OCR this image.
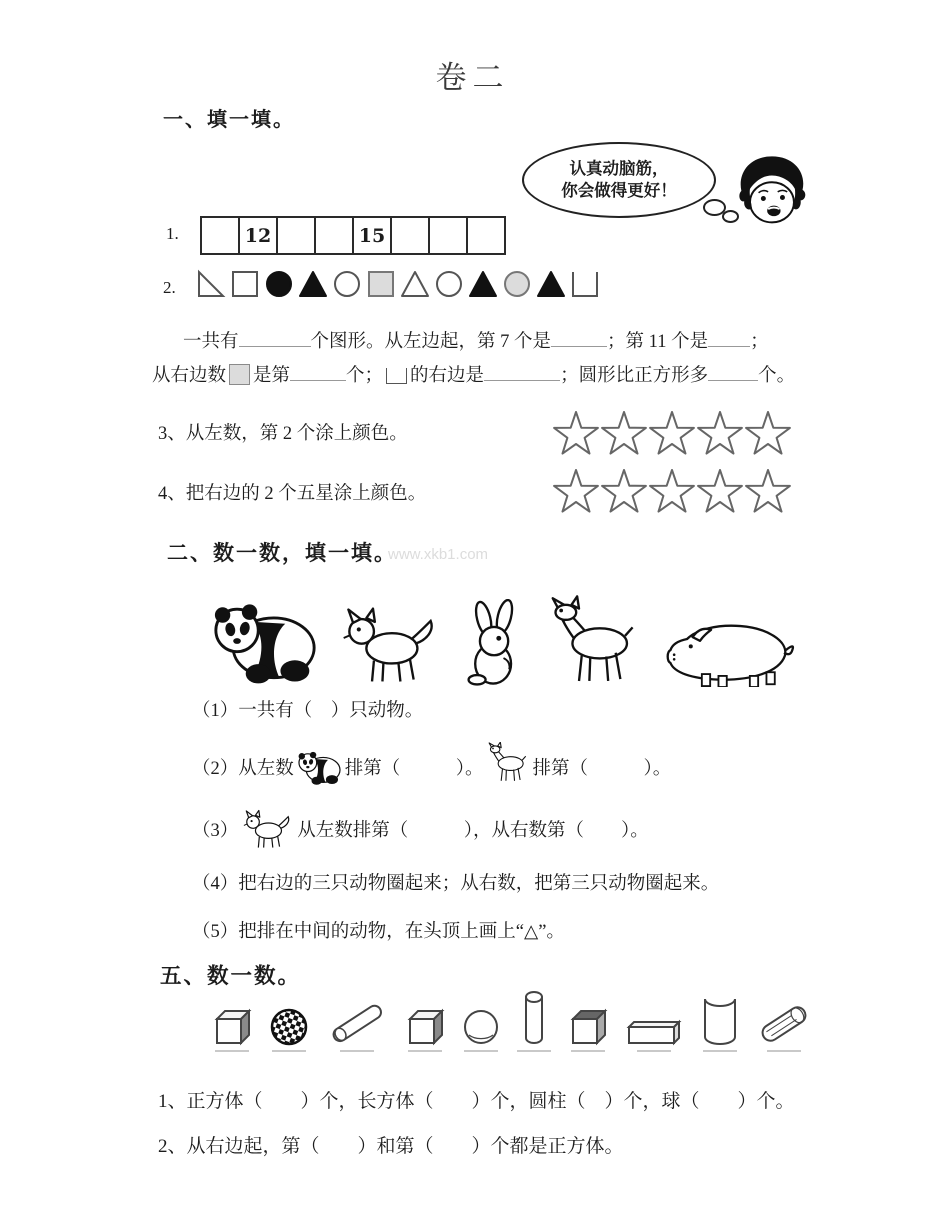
卷二
一、填一填。
认真动脑筋，
你会做得更好！
1.	12	15
2.
一共有	个图形。从左边起，第 7 个是	；第 11 个是 ；
从右边数 是第	个； 的右边是	；圆形比正方形多	个。
3、从左数，第 2 个涂上颜色。
4、把右边的 2 个五星涂上颜色。
二、数一数，填一填。
www.xkb1.com
（1）一共有（　）只动物。
（2）从左数	排第（　　　）。	排第（　　　）。
（3）	从左数排第（　　　），从右数第（　　）。
（4）把右边的三只动物圈起来；从右数，把第三只动物圈起来。
（5）把排在中间的动物，在头顶上画上“△”。
五、数一数。
1、正方体（　　）个，长方体（　　）个，圆柱（　）个，球（　　）个。
2、从右边起，第（　　）和第（　　）个都是正方体。
